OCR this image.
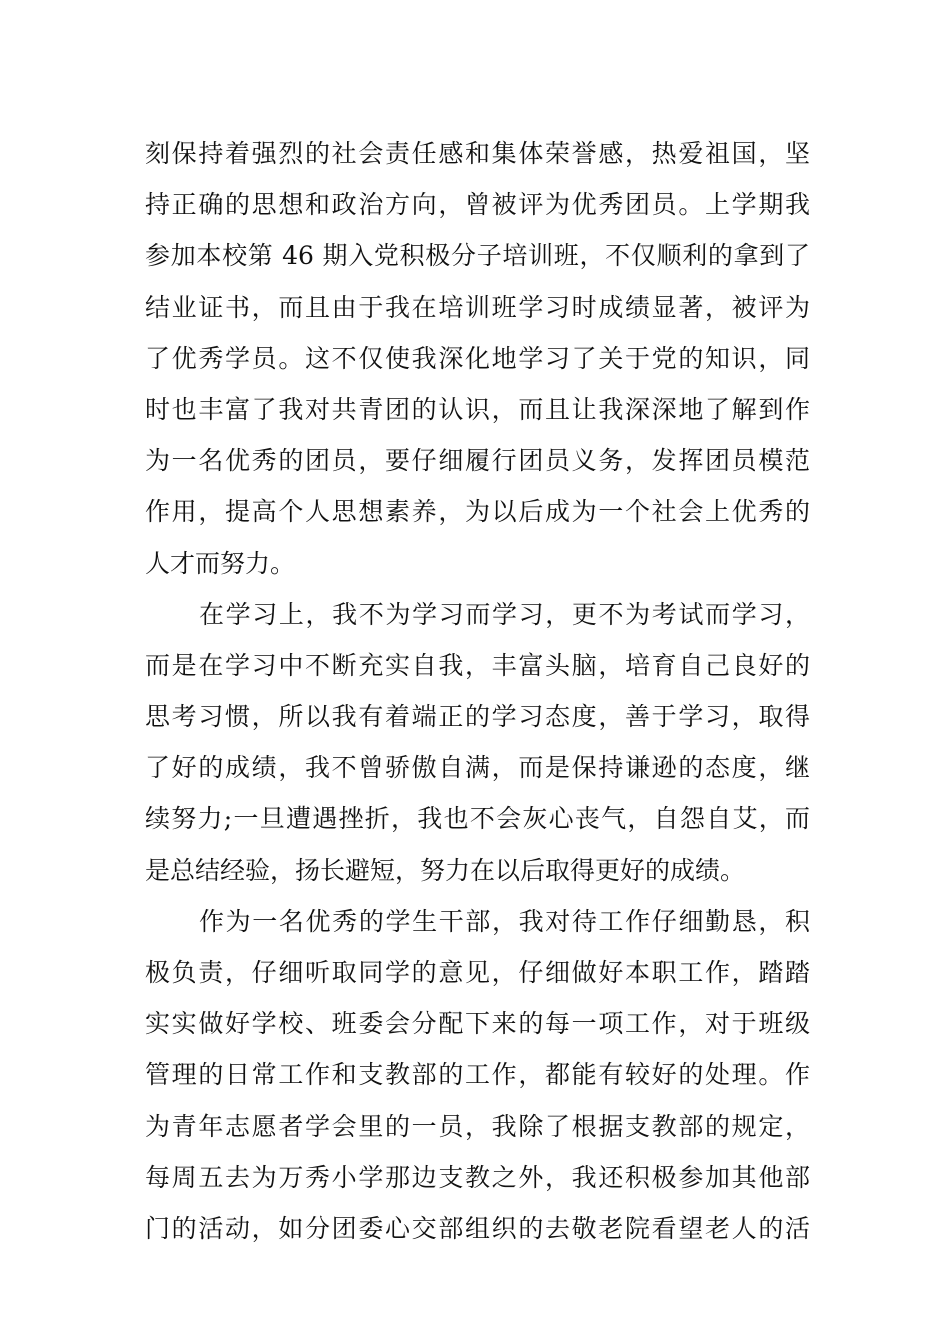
刻保持着强烈的社会责任感和集体荣誉感，热爱祖国，坚
持正确的思想和政治方向，曾被评为优秀团员。上学期我
参加本校第 46 期入党积极分子培训班，不仅顺利的拿到了
结业证书，而且由于我在培训班学习时成绩显著，被评为
了优秀学员。这不仅使我深化地学习了关于党的知识，同
时也丰富了我对共青团的认识，而且让我深深地了解到作
为一名优秀的团员，要仔细履行团员义务，发挥团员模范
作用，提高个人思想素养，为以后成为一个社会上优秀的
人才而努力。
在学习上，我不为学习而学习，更不为考试而学习，
而是在学习中不断充实自我，丰富头脑，培育自己良好的
思考习惯，所以我有着端正的学习态度，善于学习，取得
了好的成绩，我不曾骄傲自满，而是保持谦逊的态度，继
续努力;一旦遭遇挫折，我也不会灰心丧气，自怨自艾，而
是总结经验，扬长避短，努力在以后取得更好的成绩。
作为一名优秀的学生干部，我对待工作仔细勤恳，积
极负责，仔细听取同学的意见，仔细做好本职工作，踏踏
实实做好学校、班委会分配下来的每一项工作，对于班级
管理的日常工作和支教部的工作，都能有较好的处理。作
为青年志愿者学会里的一员，我除了根据支教部的规定，
每周五去为万秀小学那边支教之外，我还积极参加其他部
门的活动，如分团委心交部组织的去敬老院看望老人的活
